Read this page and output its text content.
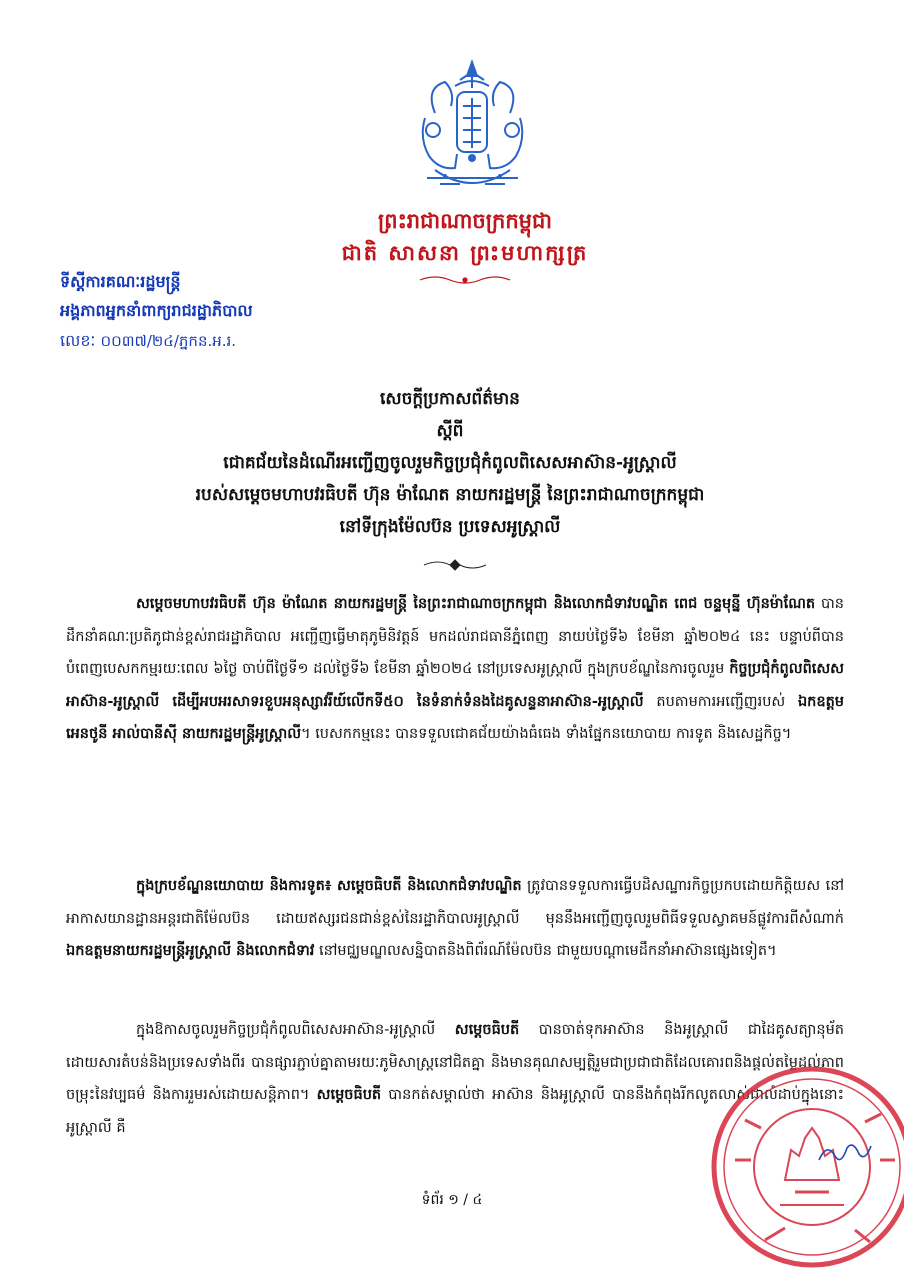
ព្រះរាជាណាចក្រកម្ពុជា
ជាតិ សាសនា ព្រះមហាក្សត្រ
ទីស្ដីការគណៈរដ្ឋមន្ត្រី
អង្គភាពអ្នកនាំពាក្យរាជរដ្ឋាភិបាល
លេខៈ ០០៣៧/២៤/ភ្នកន.អ.រ.
សេចក្ដីប្រកាសព័ត៌មាន
ស្ដីពី
ជោគជ័យនៃដំណើរអញ្ជើញចូលរួមកិច្ចប្រជុំកំពូលពិសេសអាស៊ាន-អូស្ដ្រាលី
របស់សម្ដេចមហាបវរធិបតី ហ៊ុន ម៉ាណែត នាយករដ្ឋមន្ត្រី នៃព្រះរាជាណាចក្រកម្ពុជា
នៅទីក្រុងម៉ែលប៊ន ប្រទេសអូស្ដ្រាលី
សម្ដេចមហាបវរធិបតី ហ៊ុន ម៉ាណែត នាយករដ្ឋមន្ត្រី នៃព្រះរាជាណាចក្រកម្ពុជា និងលោកជំទាវបណ្ឌិត ពេជ ចន្ទមុន្នី ហ៊ុនម៉ាណែត បានដឹកនាំគណៈប្រតិភូជាន់ខ្ពស់រាជរដ្ឋាភិបាល អញ្ជើញធ្វើមាតុភូមិនិវត្តន៍ មកដល់រាជធានីភ្នំពេញ នាយប់ថ្ងៃទី៦ ខែមីនា ឆ្នាំ២០២៤ នេះ បន្ទាប់ពីបានបំពេញបេសកកម្មរយៈពេល ៦ថ្ងៃ ចាប់ពីថ្ងៃទី១ ដល់ថ្ងៃទី៦ ខែមីនា ឆ្នាំ២០២៤ នៅប្រទេសអូស្ដ្រាលី ក្នុងក្របខ័ណ្ឌនៃការចូលរួម កិច្ចប្រជុំកំពូលពិសេសអាស៊ាន-អូស្ដ្រាលី ដើម្បីអបអរសាទរខួបអនុស្សាវរីយ៍លើកទី៥០ នៃទំនាក់ទំនងដៃគូសន្ទនាអាស៊ាន-អូស្ដ្រាលី តបតាមការអញ្ជើញរបស់ ឯកឧត្ដម អេនថូនី អាល់បានីស៊ី នាយករដ្ឋមន្ត្រីអូស្ដ្រាលី។ បេសកកម្មនេះ បានទទួលជោគជ័យយ៉ាងធំធេង ទាំងផ្នែកនយោបាយ ការទូត និងសេដ្ឋកិច្ច។
ក្នុងក្របខ័ណ្ឌនយោបាយ និងការទូត៖ សម្ដេចធិបតី និងលោកជំទាវបណ្ឌិត ត្រូវបានទទួលការធ្វើបដិសណ្ឋារកិច្ចប្រកបដោយកិត្តិយស នៅអាកាសយានដ្ឋានអន្តរជាតិម៉ែលប៊ន ដោយឥស្សរជនជាន់ខ្ពស់នៃរដ្ឋាភិបាលអូស្ដ្រាលី មុននឹងអញ្ជើញចូលរួមពិធីទទួលស្វាគមន៍ផ្លូវការពីសំណាក់ ឯកឧត្ដមនាយករដ្ឋមន្ត្រីអូស្ដ្រាលី និងលោកជំទាវ នៅមជ្ឈមណ្ឌលសន្និបាតនិងពិព័រណ៍ម៉ែលប៊ន ជាមួយបណ្ដាមេដឹកនាំអាស៊ានផ្សេងទៀត។
ក្នុងឱកាសចូលរួមកិច្ចប្រជុំកំពូលពិសេសអាស៊ាន-អូស្ដ្រាលី សម្ដេចធិបតី បានចាត់ទុកអាស៊ាន និងអូស្ដ្រាលី ជាដៃគូសត្យានុម័ត ដោយសារតំបន់និងប្រទេសទាំងពីរ បានផ្សារភ្ជាប់គ្នាតាមរយៈភូមិសាស្ត្រនៅជិតគ្នា និងមានគុណសម្បត្តិរួមជាប្រជាជាតិដែលគោរពនិងផ្ដល់តម្លៃដល់ភាពចម្រុះនៃវប្បធម៌ និងការរួមរស់ដោយសន្តិភាព។ សម្ដេចធិបតី បានកត់សម្គាល់ថា អាស៊ាន និងអូស្ដ្រាលី បាននឹងកំពុងរីកលូតលាស់ជាលំដាប់ក្នុងនោះ អូស្ដ្រាលី គឺ
ទំព័រ ១ / ៤
